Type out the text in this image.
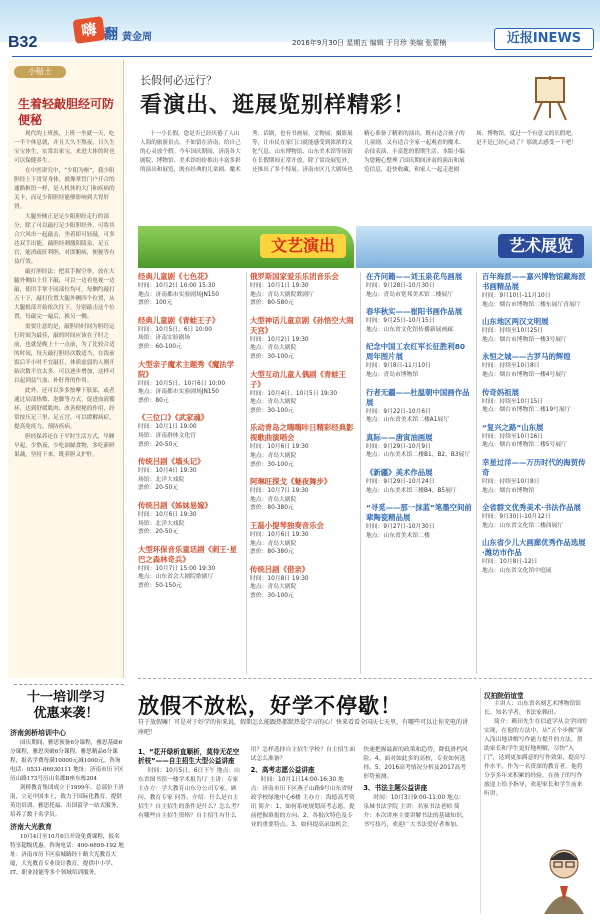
B32
嗨 翻 黄金周	2016年9月30日 星期五 编辑 于月珍 美编 张蒙楠	近报INEWS
小贴士
生着轻敲胆经可防便秘

现代的上班族，上班一坐就一天，吃一半个休息就，并且大久不熬夜，日久生宝宝体生，实常出家宝，来进大体的时也可以保健养生。

在中医讲究中，“少阳为枢”，我少阳胆经上下贯穿身体，就像掌管门户开合的通路枢纽一样，是人机体的大门和疾病的关卡，而足少阳胆经能够影响到大胃肝肾。

大腿外侧正是足少阳胆经走行的部分，除了可以敲打足少阳胆经外，可将其合穴风市一起敲击，坐着即可轻敲，可多达双手出能，敲胆经刺激阳陵泉、足五宫，能消疏肝利胆，对即腑病，便秘等有益疗效。

敲打胆经法：把双手握空拳，放在大腿外侧由上往下敲，可以一边看电视一边敲，使用手掌不同部位均可，每侧约敲打五十下，敲打位置大腿外侧四个位置，从大腿根部开始依次往下，分别敲击这个位置，每敲完一遍后，换另一侧。

需要注意的是，敲胆经时间为胆经运行时间为最佳，敲的时间应该在子时之前，也就是晚上十一点前，为了比较合适的时间，每天敲打胆经次数适当，在饭前饭后半小时不宜敲打，体质虚弱的人刚开始次数不宜太多，可以逐步增加，这样可以起到益气血、补肝肾的作用。

此外，还可以多多按摩下肢部，或者通过局部热敷、泡脚等方式，促进血液循环，达到舒缓肌肉、改善便秘的作用，经常按压足三里、足五宫，可以缓解病症，提高免疫力，预防疾病。

胆经保养还在于平时生活方式，早睡早起，少熬夜，少吃油腻食物，多吃新鲜果蔬，坚持下来，既养胆又护肝。

十一培训学习
优惠来袭！
济南剑桥培训中心

国庆期间，雅思预备6分课程，雅思基础6分课程，雅思突破6分课程，雅思精品6分课程，报名学费每满10000元减1000元。咨询电话：0531-86930111 地址：济南市历下区历山路173号历山名郡B座东栋204

剑桥教育集团成立于1999年，总部位于济南，立足中国本土，致力于国际化教育，提供英语培训、雅思托福、出国留学一站式服务，培养了数千名学员。

济南大光教育

10月4日至10月6日开设免费课程，报名特享超级优惠。咨询电话：400-6699-192 地址：济南市历下区泉城路经十路大光教育大厦，大光教育专业设计教育，提供中小学、IT、职业技能等多个领域培训服务。

长假何必远行？
看演出、逛展览别样精彩！
十一小长假，您是否已经厌倦了人山人海的旅游景点，不如留在济南，给自己的心灵放个假。今年国庆期间，济南各大剧院、博物馆、美术馆纷纷推出丰富多彩的演出和展览，既有经典的儿童剧、魔术秀、话剧，也有书画展、文物展、摄影展等，让市民在家门口就能感受到浓浓的文化气息。山东博物馆、山东美术馆等场馆在长假期间正常开放，除了常设展览外，还推出了多个特展。济南市区几大剧场也精心准备了精彩的演出，既有适合孩子的儿童剧，又有适合全家一起观看的魔术、杂技表演，丰富您的假期生活。本版小编为您精心整理了国庆期间济南的演出和展览信息，赶快收藏，和家人一起走进剧场、博物馆，度过一个有意义的长假吧。是不是已经心动了？那就去感受一下吧！
文艺演出	艺术展览
经典儿童剧《七色花》
时间：10月2日 10:00 15:30
地点：济南都市实验剧场JN150
票价：100元
经典儿童剧《青蛙王子》
时间：10月5日、6日 10:00
场馆：济南实验剧场
票价：60-100元
大型亲子魔术主题秀《魔法学院》
时间：10月5日、10月6日 10:00
地点：济南都市实验剧场JN150
票价：80元
《三位口》《武家魂》
时间：10月1日 19:00
场馆：济南群体文化宫
票价：20-50元
传统吕剧《墙头记》
时间：10月4日 19:30
场馆：北洋大戏院
票价：20-50元
传统吕剧《姊妹易嫁》
时间：10月6日 19:30
场馆：北洋大戏院
票价：20-50元
大型环保音乐童话剧《刺王·星巴之森林奇兵》
时间：10月7日 15:00 19:30
地点：山东省会大剧院歌剧厅
票价：50-150元
俄罗斯国家爱乐乐团音乐会
时间：10月1日 19:30
地点：青岛大剧院歌剧厅
票价：80-580元
大型神话儿童京剧《孙悟空大闹天宫》
时间：10月2日 19:30
地点：青岛大剧院
票价：30-100元
大型互动儿童人偶剧《青蛙王子》
时间：10月4日、10月5日 19:30
地点：青岛大剧院
票价：30-100元
乐动青岛之嗨嗨咔日精彩经典影视歌曲演唱会
时间：10月6日 19:30
地点：青岛大剧院
票价：30-100元
阿琳旺探戈《魅夜舞步》
时间：10月7日 19:30
地点：青岛大剧院
票价：80-380元
王磊小提琴独奏音乐会
时间：10月6日 19:30
地点：青岛大剧院
票价：80-380元
传统吕剧《借亲》
时间：10月8日 19:30
地点：青岛大剧院
票价：30-100元
在齐问籍——刘玉泉花鸟画展
时间：9月28日-10月30日
地点：青岛市宽邦美术馆二楼展厅
春华秋实——崔阳书画作品展
时间：9月25日-10月15日
地点：山东省文化馆传播新展画廊
纪念中国工农红军长征胜利80周年图片展
时间：9月8日-11月10日
地点：青岛市博物馆
行者无疆——杜温朝中国画作品展
时间：9月22日-10月6日
地点：山东省美术馆二楼A1展厅
真际——唐寅油画展
时间：9月29日-10月9日
地点：山东美术馆二楼B1、B2、B3展厅
《新疆》美术作品展
时间：9月29日-10月24日
地点：山东美术馆三楼B4、B5展厅
“寻觅——那一抹蓝”笔墨空间前辈陶瓷精品展
时间：9月27日-10月30日
地点：山东省美术馆二楼
百年海派——嘉兴博物馆藏海派书画精品展
时间：9月10日-11月10日
地点：烟台市博物馆二楼东展厅青展厅
山东地区两汉文明展
时间：持续至10月25日
地点：烟台市博物馆一楼3号展厅
永恒之城——古罗马的辉煌
时间：持续至10月8日
地点：烟台市博物馆一楼4号展厅
传奇妈祖展
时间：持续至10月15日
地点：烟台市博物馆二楼19号展厅
“复兴之路”山东展
时间：持续至10月16日
地点：烟台市博物馆二楼5号展厅
幸星过洋——万历时代的海贸传奇
时间：持续至10月8日
地点：烟台市博物馆
全省群文优秀美术·书法作品展
时间：9月30日-10月12日
地点：山东省文化馆二楼西展厅
山东省少儿大画廊优秀作品选展·潍坊市作品
时间：10月8日-12日
地点：山东省文化馆中庭展
放假不放松，好学不停歇！
符于放假嘛！可是对于好学的你来说，假期怎么能跟热都默热爱学习的心！快来看看全国庆七天里，有哪些可以让你充电的讲座吧！
1、“花开绿析直顺析，莫待无花空折枝”——自主招生大型公益讲座

时间：10月5日、6日下午 地点：山东省图书馆一楼学术报告厅 主讲：专家 主办方：学大教育山东分公司专家、顾问、教育专家 问答。介绍：什么是自主招生？自主招生的条件是什么？怎么考？有哪些自主招生资格？自主招生有什么用？怎样选择自主招生学校？自主招生面试怎么准备？

2、高考志愿公益讲座

时间：10月1日14:00-16:30 地点：济南市历下区燕子山路9号山东省财政学校绿地中心6楼 主办方：海德高考资讯 简介：1、如何系统规划高考志愿，提前把握填报的方向。2、各批次特色及专业的重要特点。3、如何提高录取机会，快速把握最新的政策和趋势，降低滑档风险。4、面对如此多的高校，专业如何选择。5、2016高考情况分析及2017高考形势预测。

3、书法主题公益讲座

时间：10月3日9:00-11:00 地点：泉城书法学院 主讲：名家书法老师 简介：本次讲座主要讲解书法的基础知识，书写技巧，欢迎广大书法爱好者参加。

汉拍院佰谊堂

主讲人：山东省名刻艺术博物馆馆长、知名学者、书法家赖田。

简介：赖田先生在信道学从会学国的实现，在他的方法中，从“五个步骤”深入浅出地讲解写作能力提升的方法，帮助家长和学生更好地理解，尽快“入门”，达到更加满意的写作效果，提高写作水平。作为一名资深的教育者，他将分享多年来积累的经验，在孩子的写作旅途上给予指导，欢迎家长和学生前来听讲。
